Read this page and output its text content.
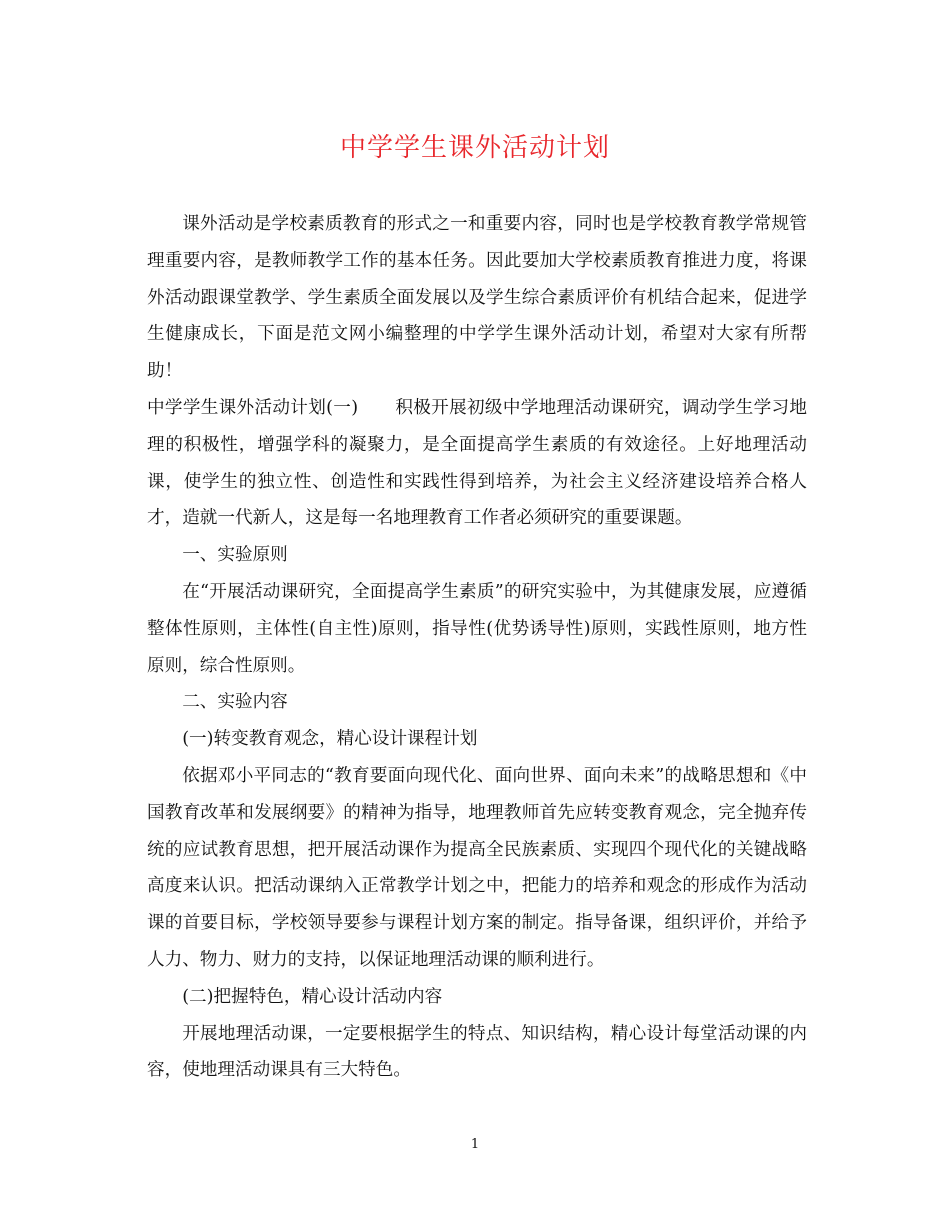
中学学生课外活动计划

课外活动是学校素质教育的形式之一和重要内容，同时也是学校教育教学常规管理重要内容，是教师教学工作的基本任务。因此要加大学校素质教育推进力度，将课外活动跟课堂教学、学生素质全面发展以及学生综合素质评价有机结合起来，促进学生健康成长，下面是范文网小编整理的中学学生课外活动计划，希望对大家有所帮助！

中学学生课外活动计划(一) 积极开展初级中学地理活动课研究，调动学生学习地理的积极性，增强学科的凝聚力，是全面提高学生素质的有效途径。上好地理活动课，使学生的独立性、创造性和实践性得到培养，为社会主义经济建设培养合格人才，造就一代新人，这是每一名地理教育工作者必须研究的重要课题。

一、实验原则

在“开展活动课研究，全面提高学生素质”的研究实验中，为其健康发展，应遵循整体性原则，主体性(自主性)原则，指导性(优势诱导性)原则，实践性原则，地方性原则，综合性原则。

二、实验内容

(一)转变教育观念，精心设计课程计划

依据邓小平同志的“教育要面向现代化、面向世界、面向未来”的战略思想和《中国教育改革和发展纲要》的精神为指导，地理教师首先应转变教育观念，完全抛弃传统的应试教育思想，把开展活动课作为提高全民族素质、实现四个现代化的关键战略高度来认识。把活动课纳入正常教学计划之中，把能力的培养和观念的形成作为活动课的首要目标，学校领导要参与课程计划方案的制定。指导备课，组织评价，并给予人力、物力、财力的支持，以保证地理活动课的顺利进行。

(二)把握特色，精心设计活动内容

开展地理活动课，一定要根据学生的特点、知识结构，精心设计每堂活动课的内容，使地理活动课具有三大特色。

1
